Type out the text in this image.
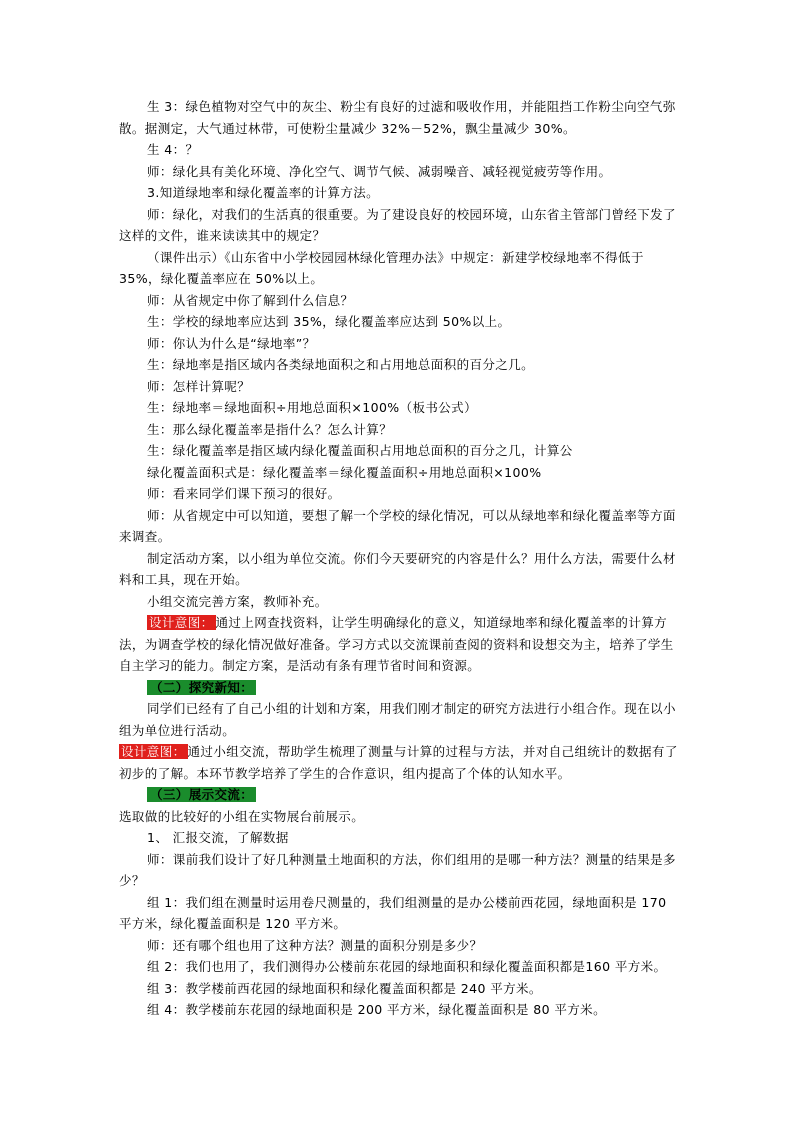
生 3：绿色植物对空气中的灰尘、粉尘有良好的过滤和吸收作用，并能阻挡工作粉尘向空气弥散。据测定，大气通过林带，可使粉尘量减少 32%－52%，飘尘量减少 30%。

生 4：？

师：绿化具有美化环境、净化空气、调节气候、减弱噪音、减轻视觉疲劳等作用。

3.知道绿地率和绿化覆盖率的计算方法。

师：绿化，对我们的生活真的很重要。为了建设良好的校园环境，山东省主管部门曾经下发了这样的文件，谁来读读其中的规定？

（课件出示）《山东省中小学校园园林绿化管理办法》中规定：新建学校绿地率不得低于 35%，绿化覆盖率应在 50%以上。

师：从省规定中你了解到什么信息？

生：学校的绿地率应达到 35%，绿化覆盖率应达到 50%以上。

师：你认为什么是“绿地率”？

生：绿地率是指区域内各类绿地面积之和占用地总面积的百分之几。

师：怎样计算呢？

生：绿地率＝绿地面积÷用地总面积×100%（板书公式）

生：那么绿化覆盖率是指什么？怎么计算？

生：绿化覆盖率是指区域内绿化覆盖面积占用地总面积的百分之几，计算公

绿化覆盖面积式是：绿化覆盖率＝绿化覆盖面积÷用地总面积×100%

师：看来同学们课下预习的很好。

师：从省规定中可以知道，要想了解一个学校的绿化情况，可以从绿地率和绿化覆盖率等方面来调查。

制定活动方案，以小组为单位交流。你们今天要研究的内容是什么？用什么方法，需要什么材料和工具，现在开始。

小组交流完善方案，教师补充。

设计意图： 通过上网查找资料，让学生明确绿化的意义，知道绿地率和绿化覆盖率的计算方法，为调查学校的绿化情况做好准备。学习方式以交流课前查阅的资料和设想交为主，培养了学生自主学习的能力。制定方案，是活动有条有理节省时间和资源。

（二）探究新知：

同学们已经有了自己小组的计划和方案，用我们刚才制定的研究方法进行小组合作。现在以小组为单位进行活动。

设计意图： 通过小组交流，帮助学生梳理了测量与计算的过程与方法，并对自己组统计的数据有了初步的了解。本环节教学培养了学生的合作意识，组内提高了个体的认知水平。

（三）展示交流：

选取做的比较好的小组在实物展台前展示。

1、 汇报交流，了解数据

师：课前我们设计了好几种测量土地面积的方法，你们组用的是哪一种方法？测量的结果是多少？

组 1：我们组在测量时运用卷尺测量的，我们组测量的是办公楼前西花园，绿地面积是 170 平方米，绿化覆盖面积是 120 平方米。

师：还有哪个组也用了这种方法？测量的面积分别是多少？

组 2：我们也用了，我们测得办公楼前东花园的绿地面积和绿化覆盖面积都是160 平方米。

组 3：教学楼前西花园的绿地面积和绿化覆盖面积都是 240 平方米。

组 4：教学楼前东花园的绿地面积是 200 平方米，绿化覆盖面积是 80 平方米。
